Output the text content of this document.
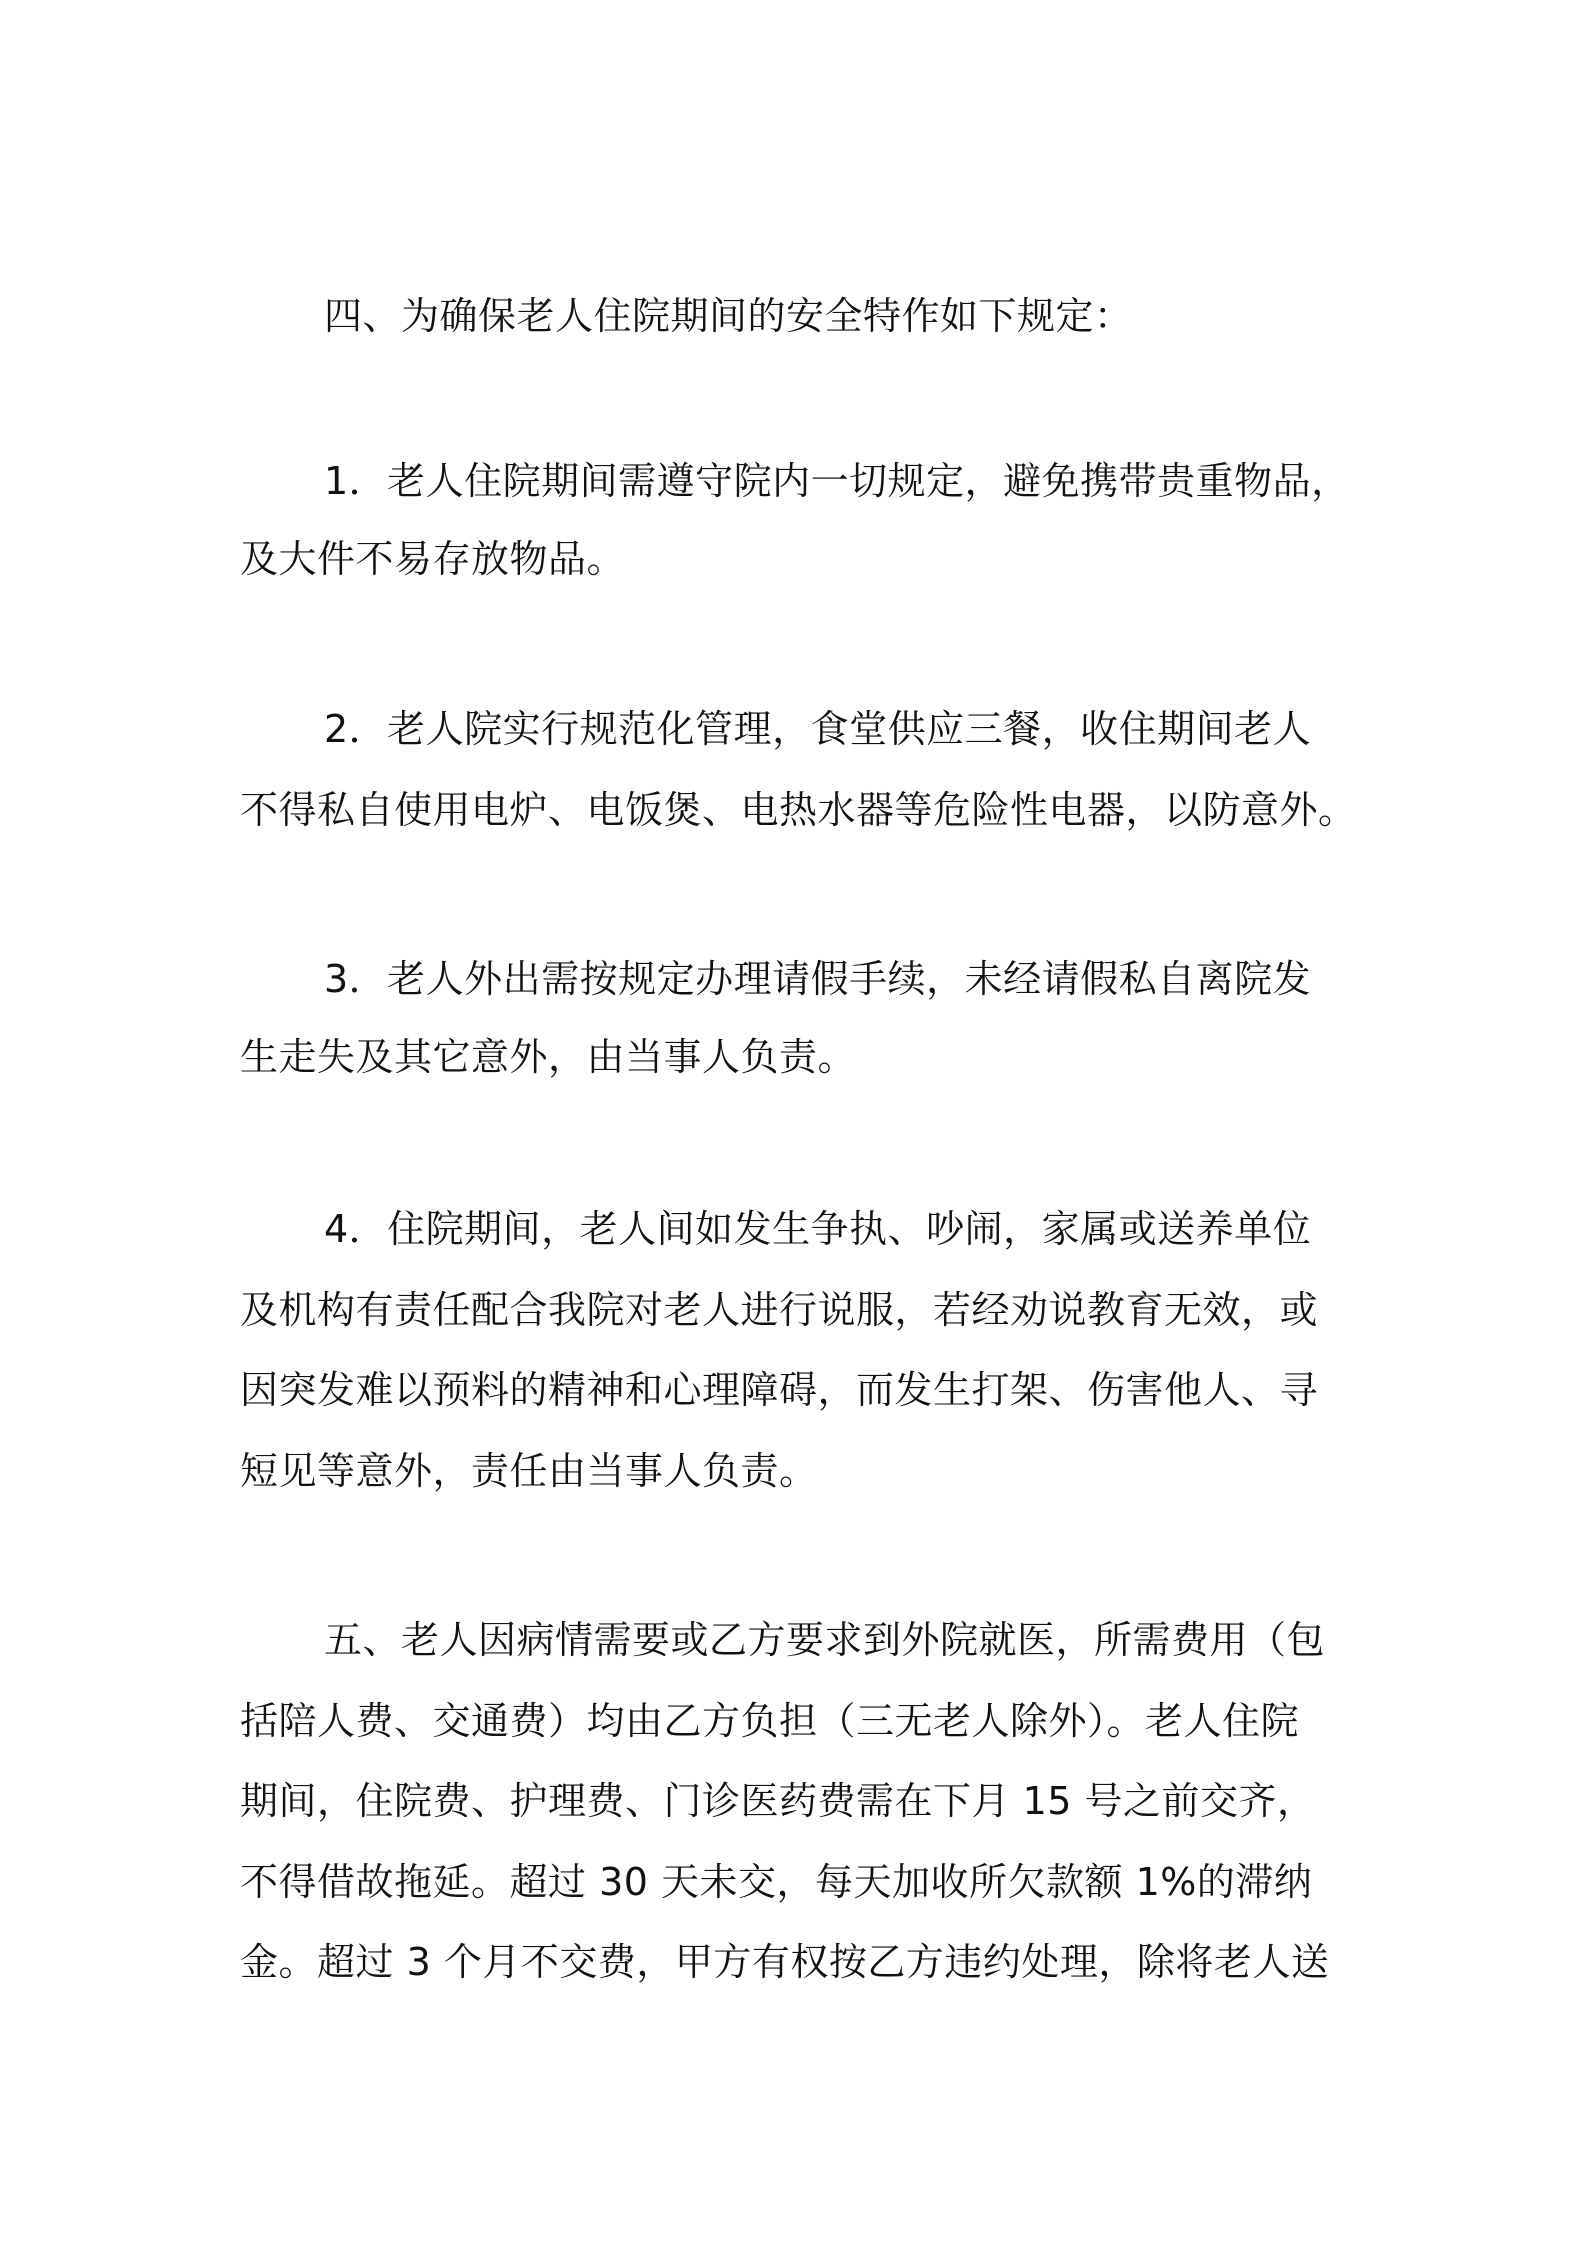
四、为确保老人住院期间的安全特作如下规定：
1．老人住院期间需遵守院内一切规定，避免携带贵重物品，
及大件不易存放物品。
2．老人院实行规范化管理，食堂供应三餐，收住期间老人
不得私自使用电炉、电饭煲、电热水器等危险性电器，以防意外。
3．老人外出需按规定办理请假手续，未经请假私自离院发
生走失及其它意外，由当事人负责。
4．住院期间，老人间如发生争执、吵闹，家属或送养单位
及机构有责任配合我院对老人进行说服，若经劝说教育无效，或
因突发难以预料的精神和心理障碍，而发生打架、伤害他人、寻
短见等意外，责任由当事人负责。
五、老人因病情需要或乙方要求到外院就医，所需费用（包
括陪人费、交通费）均由乙方负担（三无老人除外）。老人住院
期间，住院费、护理费、门诊医药费需在下月 15 号之前交齐，
不得借故拖延。超过 30 天未交，每天加收所欠款额 1%的滞纳
金。超过 3 个月不交费，甲方有权按乙方违约处理，除将老人送
